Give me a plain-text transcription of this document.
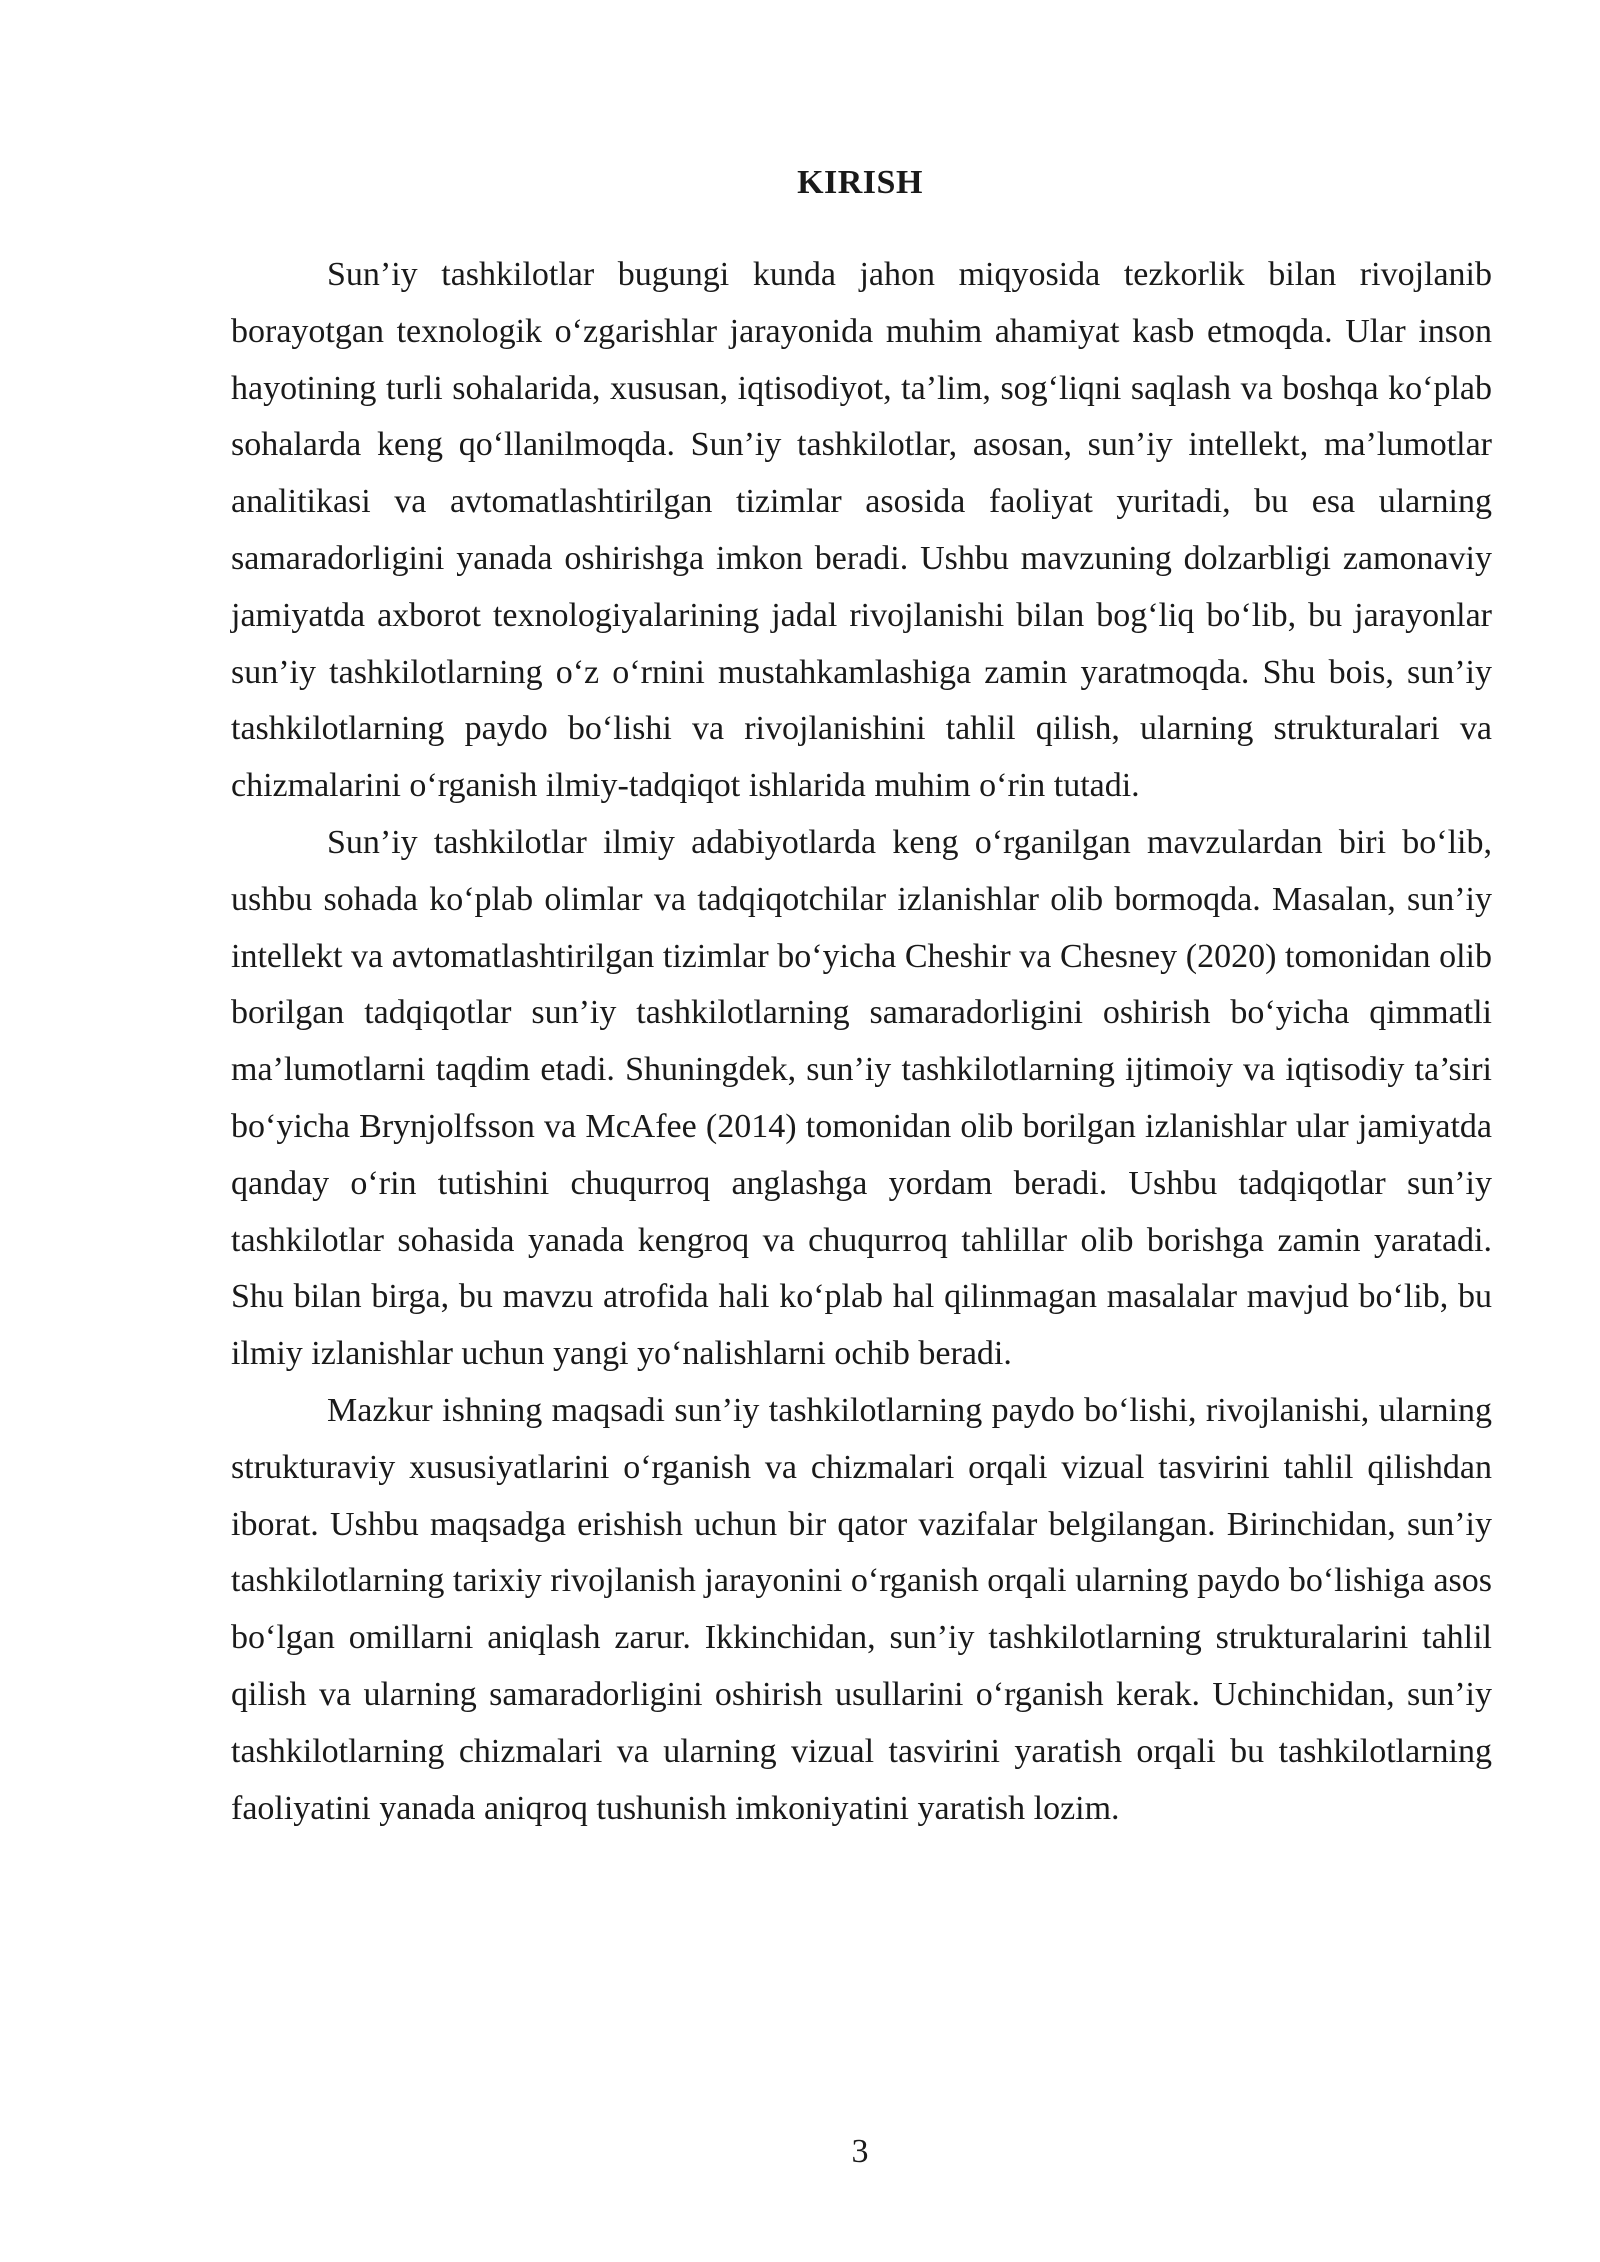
KIRISH

Sun’iy tashkilotlar bugungi kunda jahon miqyosida tezkorlik bilan rivojlanib borayotgan texnologik o‘zgarishlar jarayonida muhim ahamiyat kasb etmoqda. Ular inson hayotining turli sohalarida, xususan, iqtisodiyot, ta’lim, sog‘liqni saqlash va boshqa ko‘plab sohalarda keng qo‘llanilmoqda. Sun’iy tashkilotlar, asosan, sun’iy intellekt, ma’lumotlar analitikasi va avtomatlashtirilgan tizimlar asosida faoliyat yuritadi, bu esa ularning samaradorligini yanada oshirishga imkon beradi. Ushbu mavzuning dolzarbligi zamonaviy jamiyatda axborot texnologiyalarining jadal rivojlanishi bilan bog‘liq bo‘lib, bu jarayonlar sun’iy tashkilotlarning o‘z o‘rnini mustahkamlashiga zamin yaratmoqda. Shu bois, sun’iy tashkilotlarning paydo bo‘lishi va rivojlanishini tahlil qilish, ularning strukturalari va chizmalarini o‘rganish ilmiy-tadqiqot ishlarida muhim o‘rin tutadi.

Sun’iy tashkilotlar ilmiy adabiyotlarda keng o‘rganilgan mavzulardan biri bo‘lib, ushbu sohada ko‘plab olimlar va tadqiqotchilar izlanishlar olib bormoqda. Masalan, sun’iy intellekt va avtomatlashtirilgan tizimlar bo‘yicha Cheshir va Chesney (2020) tomonidan olib borilgan tadqiqotlar sun’iy tashkilotlarning samaradorligini oshirish bo‘yicha qimmatli ma’lumotlarni taqdim etadi. Shuningdek, sun’iy tashkilotlarning ijtimoiy va iqtisodiy ta’siri bo‘yicha Brynjolfsson va McAfee (2014) tomonidan olib borilgan izlanishlar ular jamiyatda qanday o‘rin tutishini chuqurroq anglashga yordam beradi. Ushbu tadqiqotlar sun’iy tashkilotlar sohasida yanada kengroq va chuqurroq tahlillar olib borishga zamin yaratadi. Shu bilan birga, bu mavzu atrofida hali ko‘plab hal qilinmagan masalalar mavjud bo‘lib, bu ilmiy izlanishlar uchun yangi yo‘nalishlarni ochib beradi.

Mazkur ishning maqsadi sun’iy tashkilotlarning paydo bo‘lishi, rivojlanishi, ularning strukturaviy xususiyatlarini o‘rganish va chizmalari orqali vizual tasvirini tahlil qilishdan iborat. Ushbu maqsadga erishish uchun bir qator vazifalar belgilangan. Birinchidan, sun’iy tashkilotlarning tarixiy rivojlanish jarayonini o‘rganish orqali ularning paydo bo‘lishiga asos bo‘lgan omillarni aniqlash zarur. Ikkinchidan, sun’iy tashkilotlarning strukturalarini tahlil qilish va ularning samaradorligini oshirish usullarini o‘rganish kerak. Uchinchidan, sun’iy tashkilotlarning chizmalari va ularning vizual tasvirini yaratish orqali bu tashkilotlarning faoliyatini yanada aniqroq tushunish imkoniyatini yaratish lozim.

3
